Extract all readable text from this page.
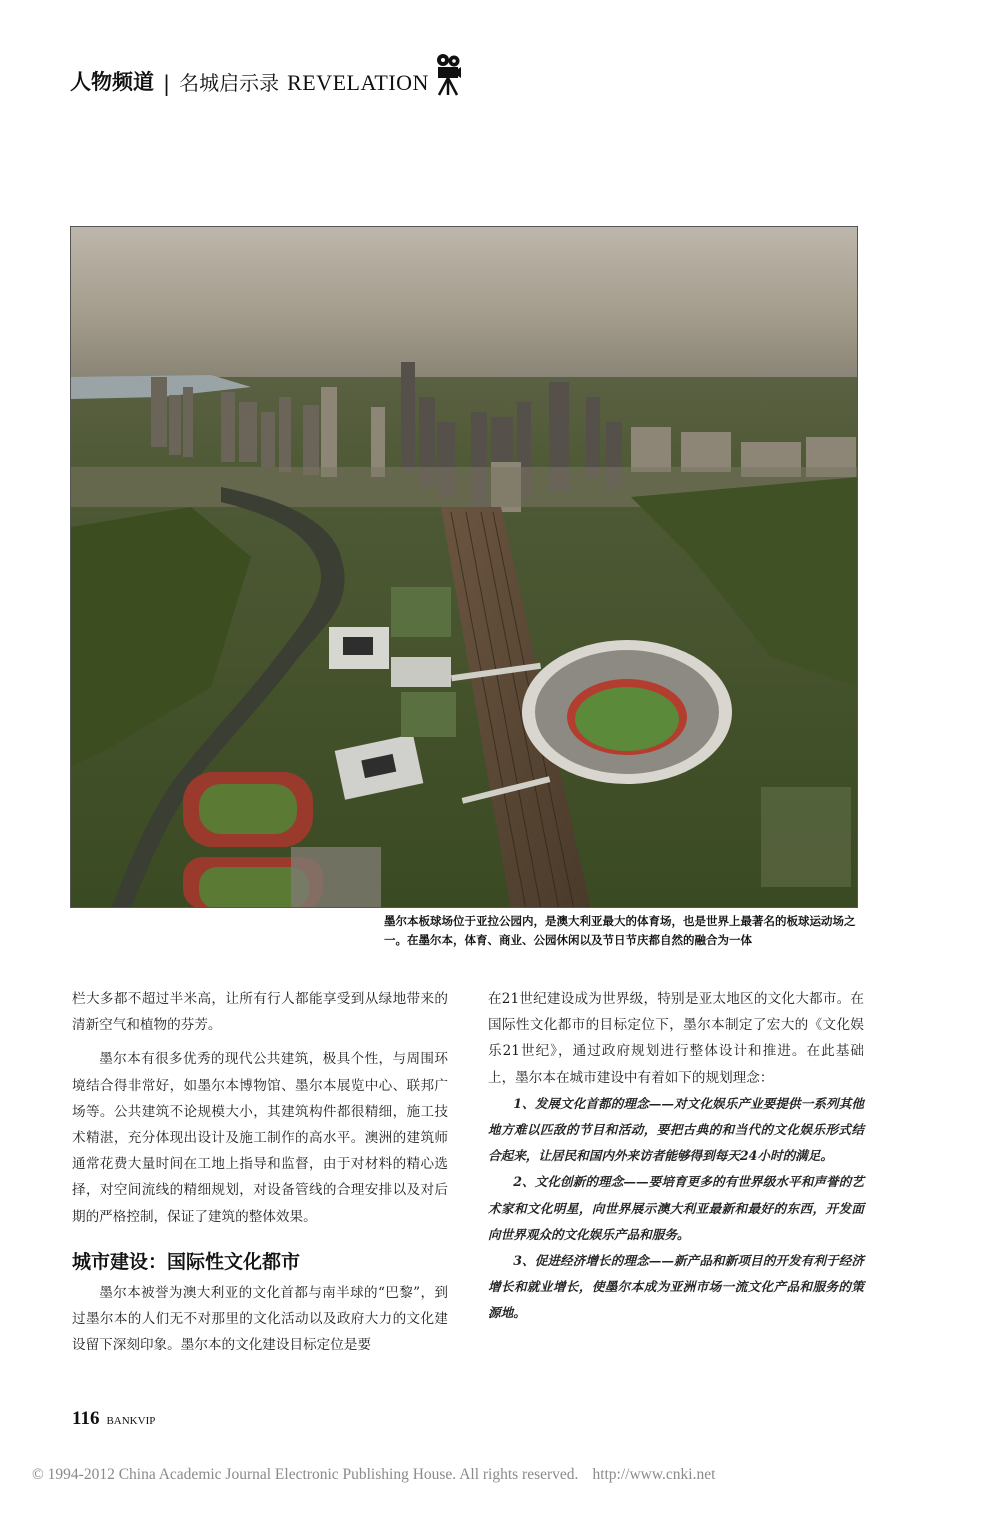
人物频道 | 名城启示录 REVELATION
墨尔本板球场位于亚拉公园内，是澳大利亚最大的体育场，也是世界上最著名的板球运动场之一。在墨尔本，体育、商业、公园休闲以及节日节庆都自然的融合为一体

栏大多都不超过半米高，让所有行人都能享受到从绿地带来的清新空气和植物的芬芳。

墨尔本有很多优秀的现代公共建筑，极具个性，与周围环境结合得非常好，如墨尔本博物馆、墨尔本展览中心、联邦广场等。公共建筑不论规模大小，其建筑构件都很精细，施工技术精湛，充分体现出设计及施工制作的高水平。澳洲的建筑师通常花费大量时间在工地上指导和监督，由于对材料的精心选择，对空间流线的精细规划，对设备管线的合理安排以及对后期的严格控制，保证了建筑的整体效果。

城市建设：国际性文化都市

墨尔本被誉为澳大利亚的文化首都与南半球的“巴黎”，到过墨尔本的人们无不对那里的文化活动以及政府大力的文化建设留下深刻印象。墨尔本的文化建设目标定位是要

在21世纪建设成为世界级，特别是亚太地区的文化大都市。在国际性文化都市的目标定位下，墨尔本制定了宏大的《文化娱乐21世纪》，通过政府规划进行整体设计和推进。在此基础上，墨尔本在城市建设中有着如下的规划理念：

1、发展文化首都的理念——对文化娱乐产业要提供一系列其他地方难以匹敌的节目和活动，要把古典的和当代的文化娱乐形式结合起来，让居民和国内外来访者能够得到每天24小时的满足。

2、文化创新的理念——要培育更多的有世界级水平和声誉的艺术家和文化明星，向世界展示澳大利亚最新和最好的东西，开发面向世界观众的文化娱乐产品和服务。

3、促进经济增长的理念——新产品和新项目的开发有利于经济增长和就业增长，使墨尔本成为亚洲市场一流文化产品和服务的策源地。

116 BANKVIP
© 1994-2012 China Academic Journal Electronic Publishing House. All rights reserved. http://www.cnki.net
